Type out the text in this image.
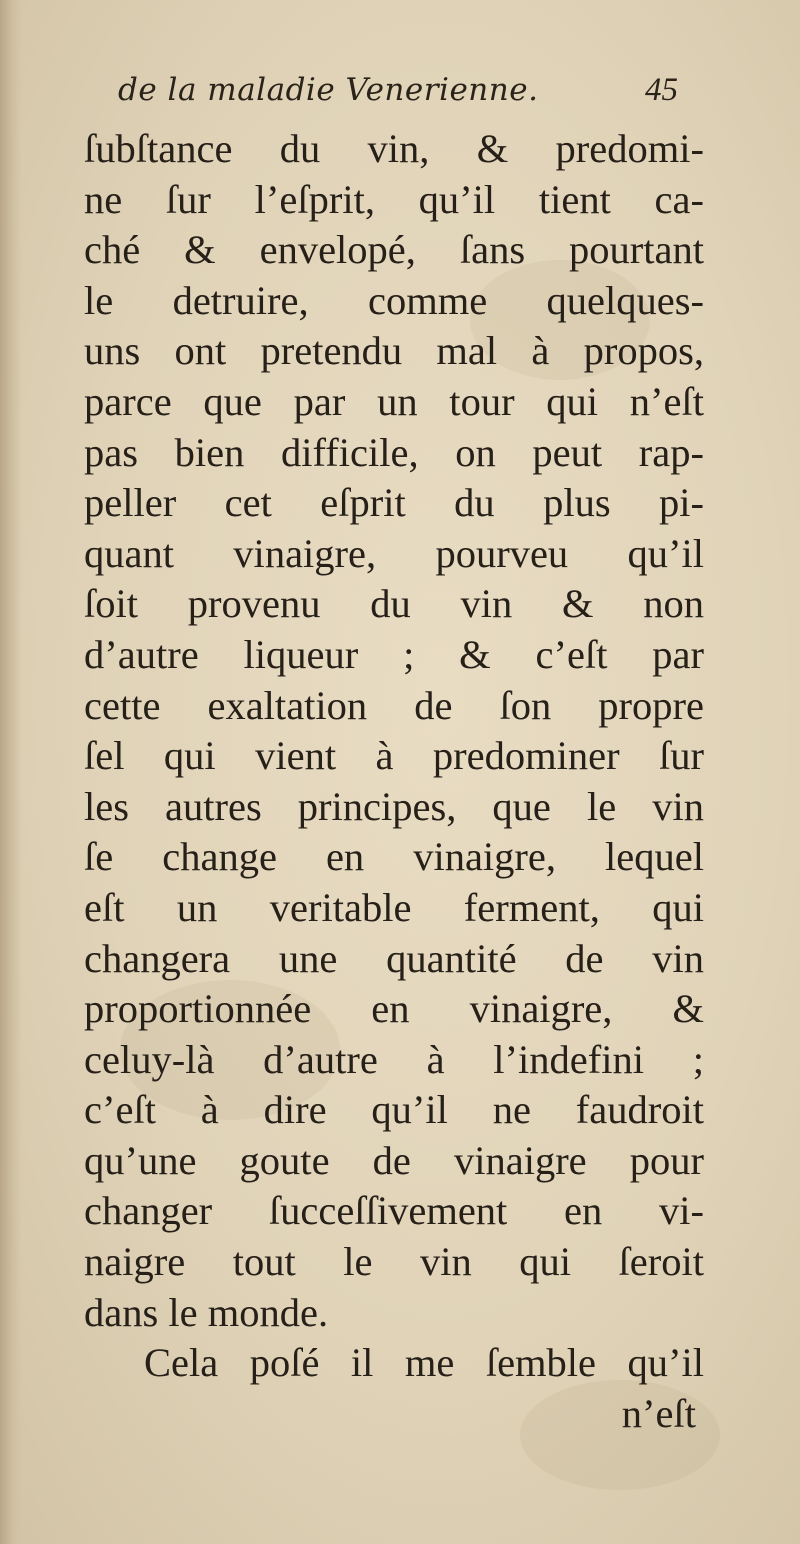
de la maladie Venerienne.	45
ſubſtance du vin, & predomi-
ne ſur l’eſprit, qu’il tient ca-
ché & envelopé, ſans pourtant
le detruire, comme quelques-
uns ont pretendu mal à propos,
parce que par un tour qui n’eſt
pas bien difficile, on peut rap-
peller cet eſprit du plus pi-
quant vinaigre, pourveu qu’il
ſoit provenu du vin & non
d’autre liqueur ; & c’eſt par
cette exaltation de ſon propre
ſel qui vient à predominer ſur
les autres principes, que le vin
ſe change en vinaigre, lequel
eſt un veritable ferment, qui
changera une quantité de vin
proportionnée en vinaigre, &
celuy-là d’autre à l’indefini ;
c’eſt à dire qu’il ne faudroit
qu’une goute de vinaigre pour
changer ſucceſſivement en vi-
naigre tout le vin qui ſeroit
dans le monde.
Cela poſé il me ſemble qu’il
n’eſt
